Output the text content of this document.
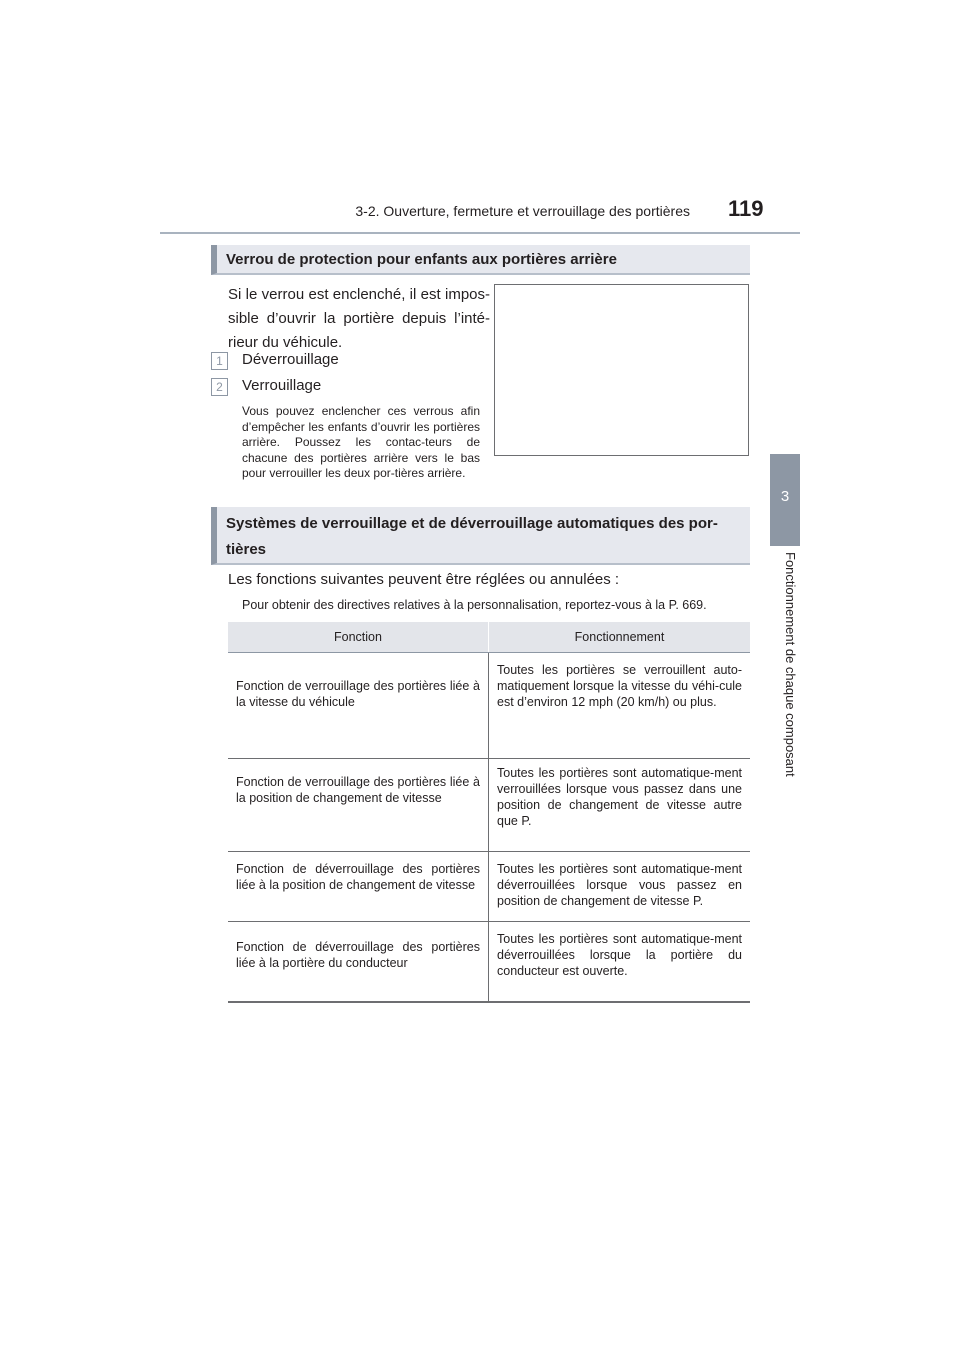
3-2. Ouverture, fermeture et verrouillage des portières 119
3
Fonctionnement de chaque composant
Verrou de protection pour enfants aux portières arrière
Si le verrou est enclenché, il est impos-sible d’ouvrir la portière depuis l’inté-rieur du véhicule.
1	Déverrouillage
2	Verrouillage
Vous pouvez enclencher ces verrous afin d’empêcher les enfants d’ouvrir les portières arrière. Poussez les contac-teurs de chacune des portières arrière vers le bas pour verrouiller les deux por-tières arrière.
Systèmes de verrouillage et de déverrouillage automatiques des por-tières
Les fonctions suivantes peuvent être réglées ou annulées :
Pour obtenir des directives relatives à la personnalisation, reportez-vous à la P. 669.
Fonction	Fonctionnement
Fonction de verrouillage des portières liée à la vitesse du véhicule	Toutes les portières se verrouillent auto-matiquement lorsque la vitesse du véhi-cule est d’environ 12 mph (20 km/h) ou plus.
Fonction de verrouillage des portières liée à la position de changement de vitesse	Toutes les portières sont automatique-ment verrouillées lorsque vous passez dans une position de changement de vitesse autre que P.
Fonction de déverrouillage des portières liée à la position de changement de vitesse	Toutes les portières sont automatique-ment déverrouillées lorsque vous passez en position de changement de vitesse P.
Fonction de déverrouillage des portières liée à la portière du conducteur	Toutes les portières sont automatique-ment déverrouillées lorsque la portière du conducteur est ouverte.
